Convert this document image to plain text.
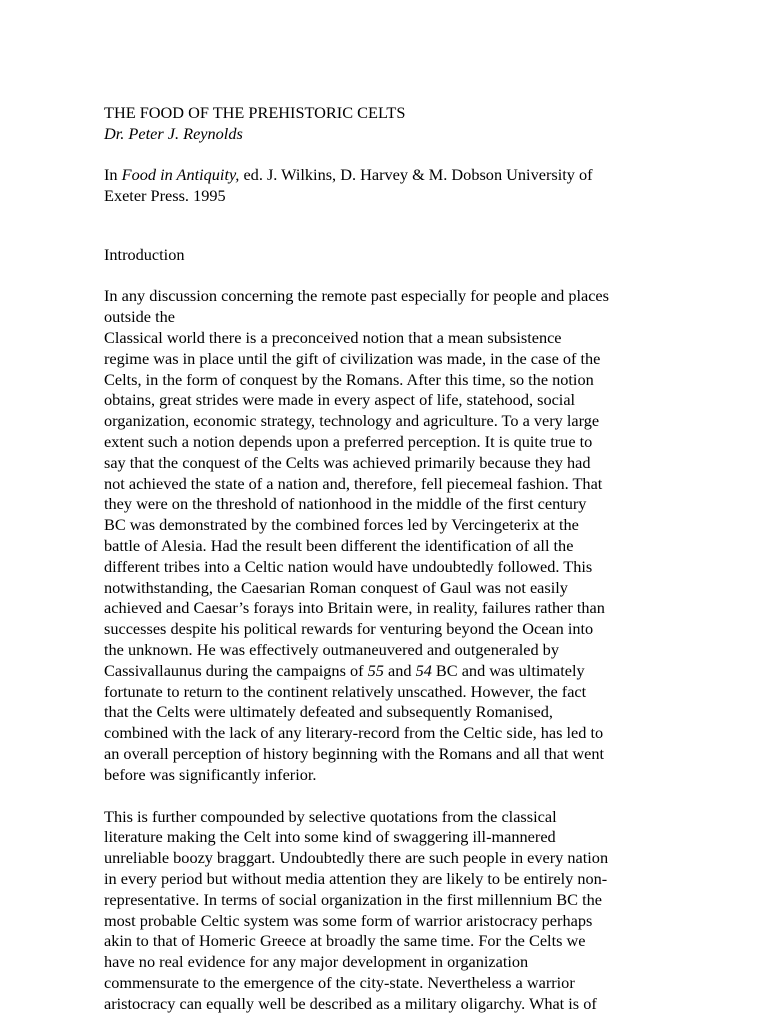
THE FOOD OF THE PREHISTORIC CELTS
Dr. Peter J. Reynolds
In Food in Antiquity, ed. J. Wilkins, D. Harvey & M. Dobson University of
Exeter Press. 1995
Introduction
In any discussion concerning the remote past especially for people and places
outside the
Classical world there is a preconceived notion that a mean subsistence
regime was in place until the gift of civilization was made, in the case of the
Celts, in the form of conquest by the Romans. After this time, so the notion
obtains, great strides were made in every aspect of life, statehood, social
organization, economic strategy, technology and agriculture. To a very large
extent such a notion depends upon a preferred perception. It is quite true to
say that the conquest of the Celts was achieved primarily because they had
not achieved the state of a nation and, therefore, fell piecemeal fashion. That
they were on the threshold of nationhood in the middle of the first century
BC was demonstrated by the combined forces led by Vercingeterix at the
battle of Alesia. Had the result been different the identification of all the
different tribes into a Celtic nation would have undoubtedly followed. This
notwithstanding, the Caesarian Roman conquest of Gaul was not easily
achieved and Caesar’s forays into Britain were, in reality, failures rather than
successes despite his political rewards for venturing beyond the Ocean into
the unknown. He was effectively outmaneuvered and outgeneraled by
Cassivallaunus during the campaigns of 55 and 54 BC and was ultimately
fortunate to return to the continent relatively unscathed. However, the fact
that the Celts were ultimately defeated and subsequently Romanised,
combined with the lack of any literary-record from the Celtic side, has led to
an overall perception of history beginning with the Romans and all that went
before was significantly inferior.
This is further compounded by selective quotations from the classical
literature making the Celt into some kind of swaggering ill-mannered
unreliable boozy braggart. Undoubtedly there are such people in every nation
in every period but without media attention they are likely to be entirely non-
representative. In terms of social organization in the first millennium BC the
most probable Celtic system was some form of warrior aristocracy perhaps
akin to that of Homeric Greece at broadly the same time. For the Celts we
have no real evidence for any major development in organization
commensurate to the emergence of the city-state. Nevertheless a warrior
aristocracy can equally well be described as a military oligarchy. What is of
